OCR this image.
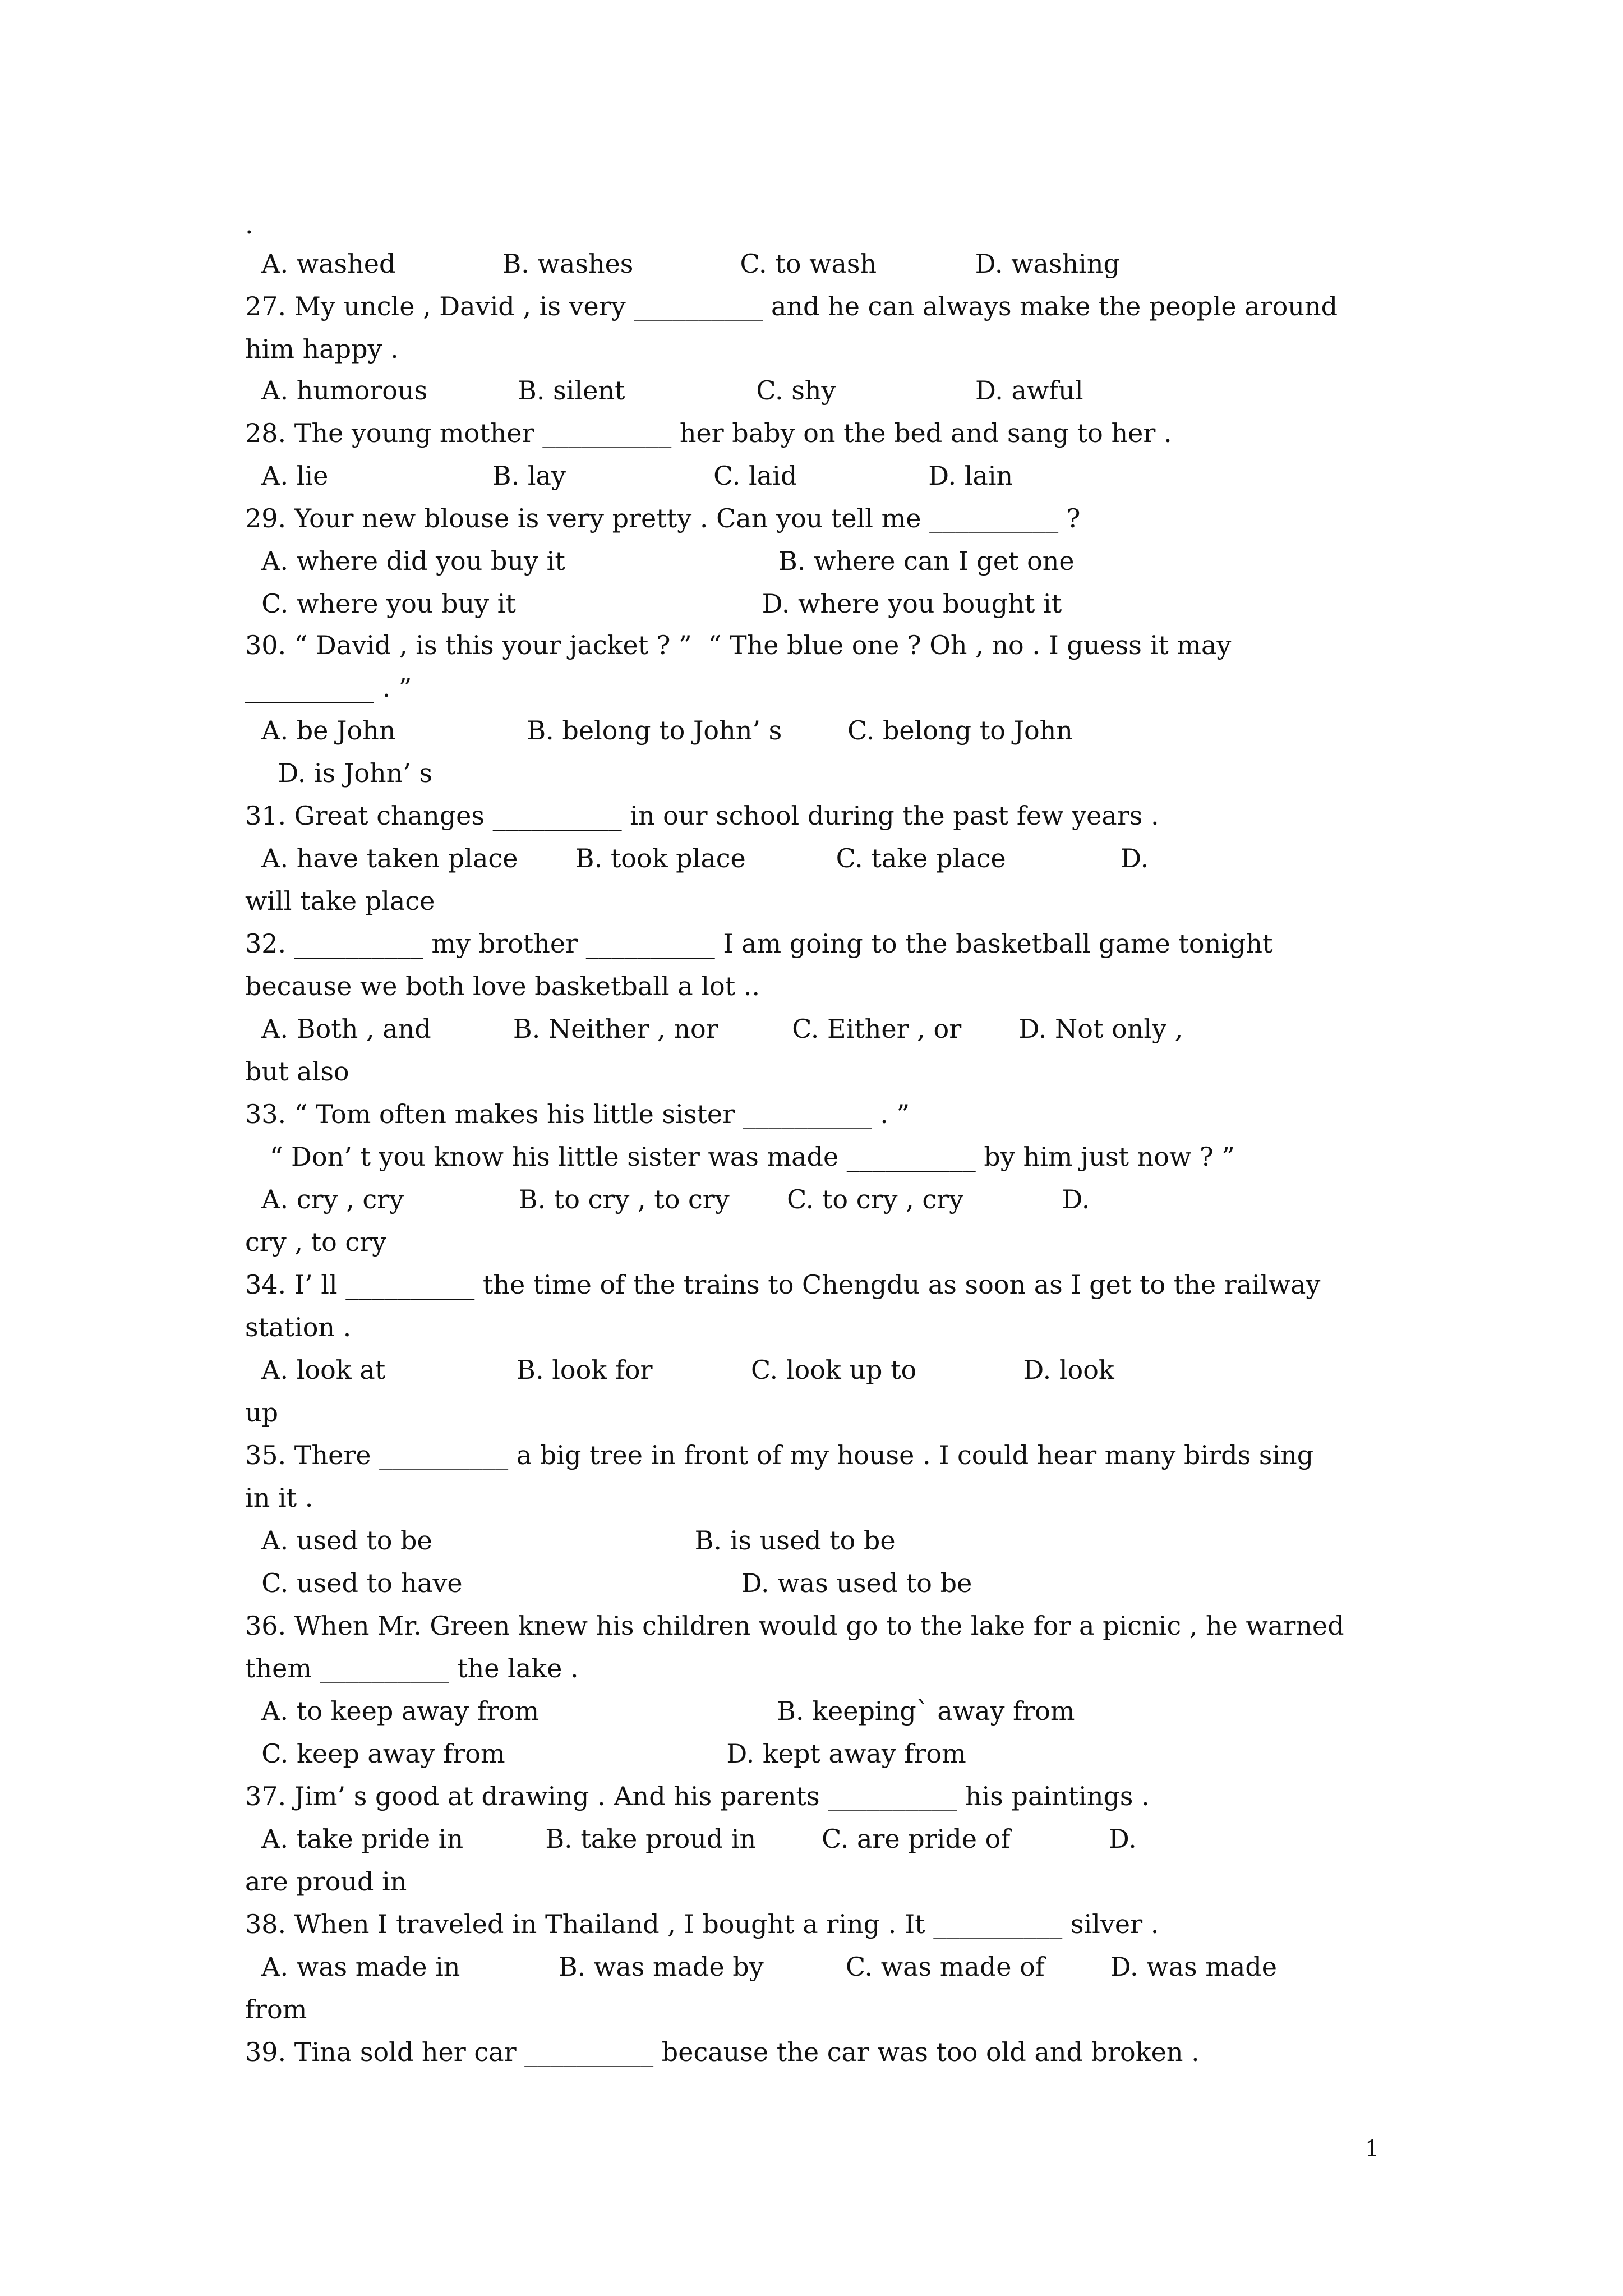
.
A. washed             B. washes             C. to wash            D. washing
27. My uncle , David , is very __________ and he can always make the people around
him happy .
A. humorous           B. silent                C. shy                 D. awful
28. The young mother __________ her baby on the bed and sang to her .
A. lie                    B. lay                  C. laid                D. lain
29. Your new blouse is very pretty . Can you tell me __________ ?
A. where did you buy it                          B. where can I get one
C. where you buy it                              D. where you bought it
30. “ David , is this your jacket ? ”  “ The blue one ? Oh , no . I guess it may
__________ . ”
A. be John                B. belong to John’ s        C. belong to John
D. is John’ s
31. Great changes __________ in our school during the past few years .
A. have taken place       B. took place           C. take place              D.
will take place
32. __________ my brother __________ I am going to the basketball game tonight
because we both love basketball a lot ..
A. Both , and          B. Neither , nor         C. Either , or       D. Not only ,
but also
33. “ Tom often makes his little sister __________ . ”
“ Don’ t you know his little sister was made __________ by him just now ? ”
A. cry , cry              B. to cry , to cry       C. to cry , cry            D.
cry , to cry
34. I’ ll __________ the time of the trains to Chengdu as soon as I get to the railway
station .
A. look at                B. look for            C. look up to             D. look
up
35. There __________ a big tree in front of my house . I could hear many birds sing
in it .
A. used to be                                B. is used to be
C. used to have                                  D. was used to be
36. When Mr. Green knew his children would go to the lake for a picnic , he warned
them __________ the lake .
A. to keep away from                             B. keeping` away from
C. keep away from                           D. kept away from
37. Jim’ s good at drawing . And his parents __________ his paintings .
A. take pride in          B. take proud in        C. are pride of            D.
are proud in
38. When I traveled in Thailand , I bought a ring . It __________ silver .
A. was made in            B. was made by          C. was made of        D. was made
from
39. Tina sold her car __________ because the car was too old and broken .
1
